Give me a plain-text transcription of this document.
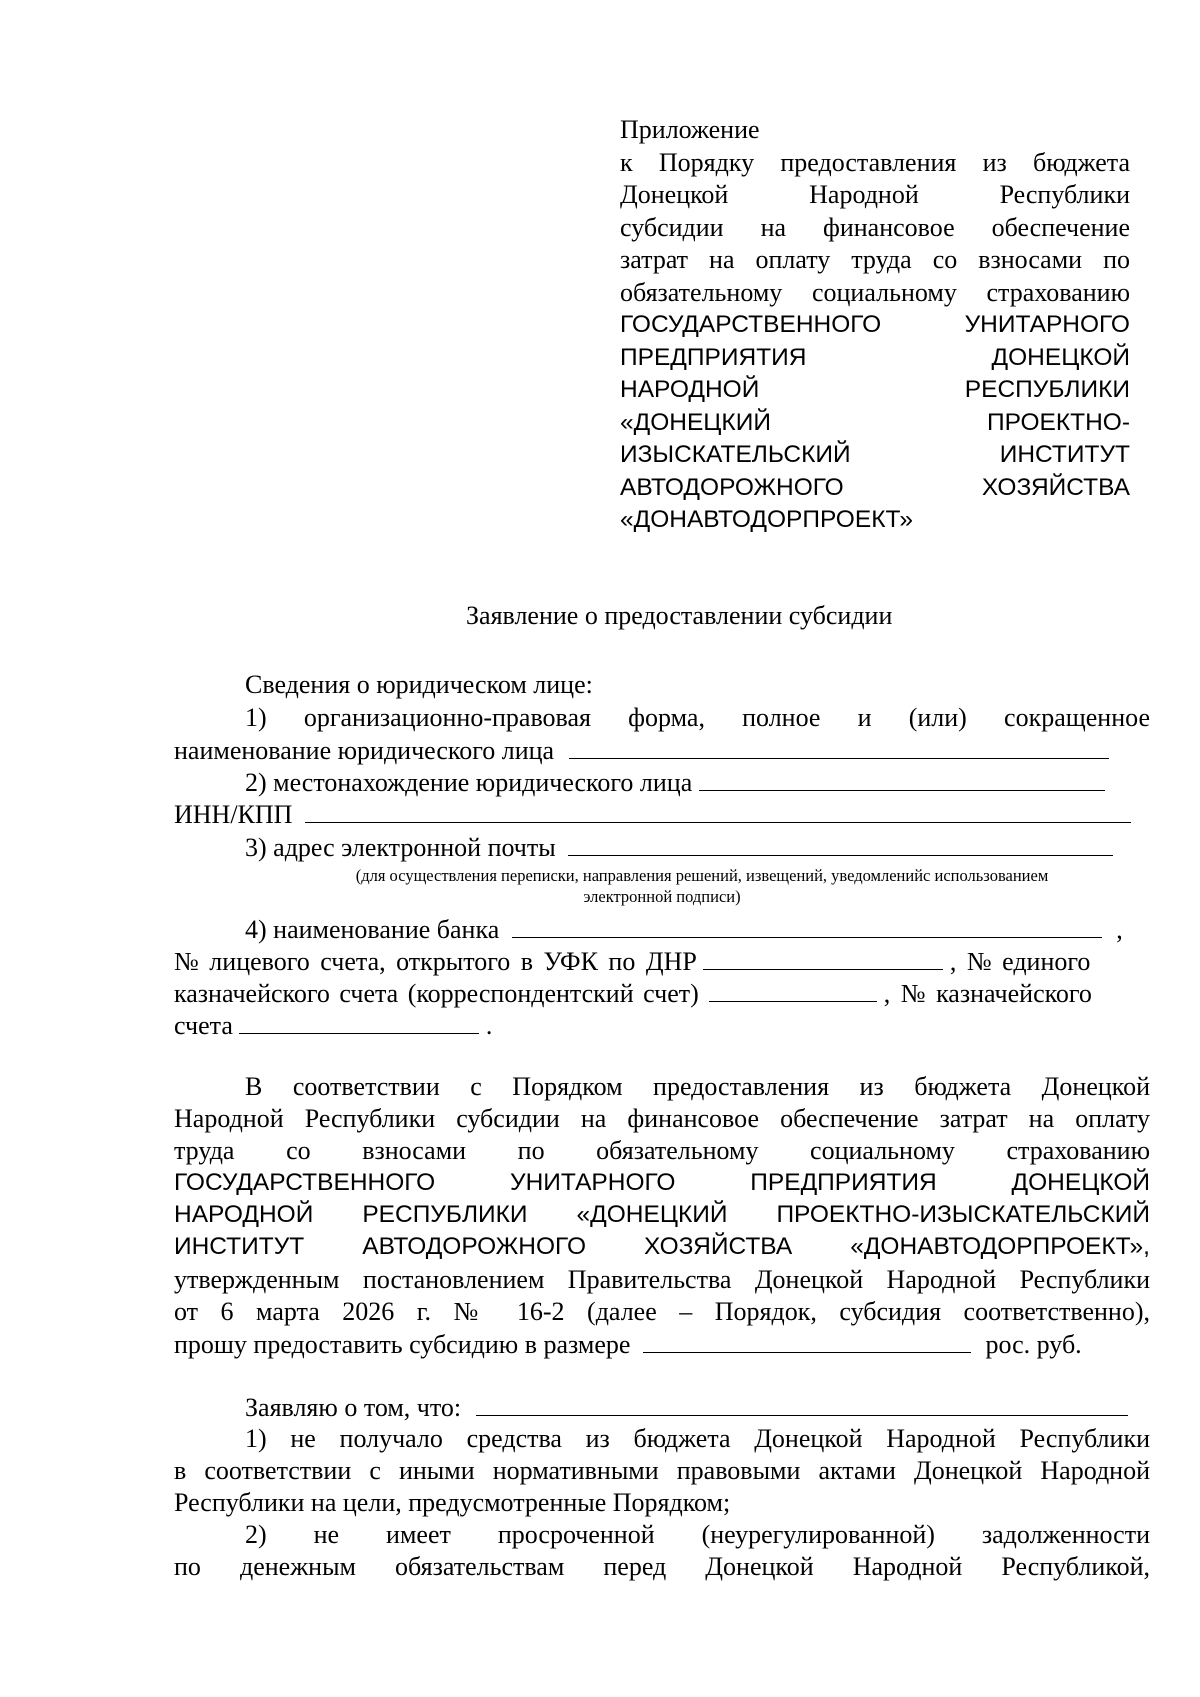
Приложение
к Порядку предоставления из бюджета
Донецкой Народной Республики
субсидии на финансовое обеспечение
затрат на оплату труда со взносами по
обязательному социальному страхованию
ГОСУДАРСТВЕННОГО УНИТАРНОГО
ПРЕДПРИЯТИЯ ДОНЕЦКОЙ
НАРОДНОЙ РЕСПУБЛИКИ
«ДОНЕЦКИЙ ПРОЕКТНО-
ИЗЫСКАТЕЛЬСКИЙ ИНСТИТУТ
АВТОДОРОЖНОГО ХОЗЯЙСТВА
«ДОНАВТОДОРПРОЕКТ»
Заявление о предоставлении субсидии
Сведения о юридическом лице:
1) организационно-правовая форма, полное и (или) сокращенное
наименование юридического лица
2) местонахождение юридического лица
ИНН/КПП
3) адрес электронной почты
(для осуществления переписки, направления решений, извещений, уведомленийс использованием
электронной подписи)
4) наименование банка	,
№ лицевого счета, открытого в УФК по ДНР	, № единого
казначейского счета (корреспондентский счет)	, № казначейского
счета	.
В соответствии с Порядком предоставления из бюджета Донецкой
Народной Республики субсидии на финансовое обеспечение затрат на оплату
труда со взносами по обязательному социальному страхованию
ГОСУДАРСТВЕННОГО УНИТАРНОГО ПРЕДПРИЯТИЯ ДОНЕЦКОЙ
НАРОДНОЙ РЕСПУБЛИКИ «ДОНЕЦКИЙ ПРОЕКТНО-ИЗЫСКАТЕЛЬСКИЙ
ИНСТИТУТ АВТОДОРОЖНОГО ХОЗЯЙСТВА «ДОНАВТОДОРПРОЕКТ»,
утвержденным постановлением Правительства Донецкой Народной Республики
от 6 марта 2026 г. № 16-2 (далее – Порядок, субсидия соответственно),
прошу предоставить субсидию в размере	рос. руб.
Заявляю о том, что:
1) не получало средства из бюджета Донецкой Народной Республики
в соответствии с иными нормативными правовыми актами Донецкой Народной
Республики на цели, предусмотренные Порядком;
2) не имеет просроченной (неурегулированной) задолженности
по денежным обязательствам перед Донецкой Народной Республикой,
